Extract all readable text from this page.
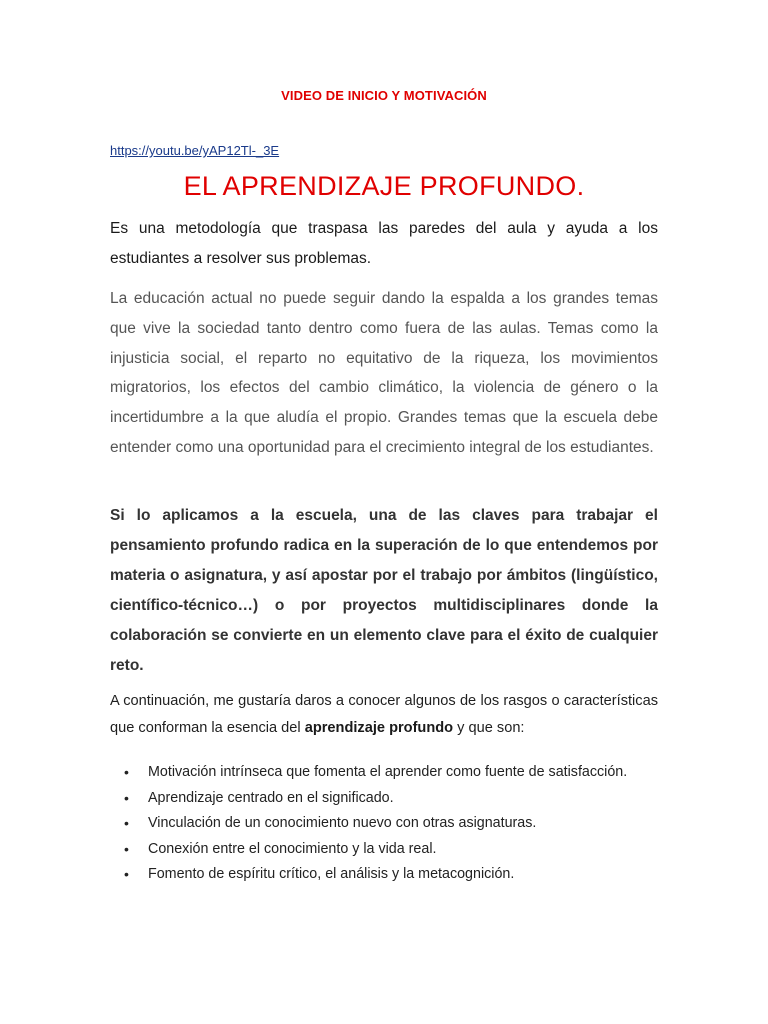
VIDEO DE INICIO Y MOTIVACIÓN
https://youtu.be/yAP12Tl-_3E
EL APRENDIZAJE PROFUNDO.

Es una metodología que traspasa las paredes del aula y ayuda a los estudiantes a resolver sus problemas.

La educación actual no puede seguir dando la espalda a los grandes temas que vive la sociedad tanto dentro como fuera de las aulas. Temas como la injusticia social, el reparto no equitativo de la riqueza, los movimientos migratorios, los efectos del cambio climático, la violencia de género o la incertidumbre a la que aludía el propio. Grandes temas que la escuela debe entender como una oportunidad para el crecimiento integral de los estudiantes.

Si lo aplicamos a la escuela, una de las claves para trabajar el pensamiento profundo radica en la superación de lo que entendemos por materia o asignatura, y así apostar por el trabajo por ámbitos (lingüístico, científico-técnico…) o por proyectos multidisciplinares donde la colaboración se convierte en un elemento clave para el éxito de cualquier reto.

A continuación, me gustaría daros a conocer algunos de los rasgos o características que conforman la esencia del aprendizaje profundo y que son:

• Motivación intrínseca que fomenta el aprender como fuente de satisfacción.
• Aprendizaje centrado en el significado.
• Vinculación de un conocimiento nuevo con otras asignaturas.
• Conexión entre el conocimiento y la vida real.
• Fomento de espíritu crítico, el análisis y la metacognición.
